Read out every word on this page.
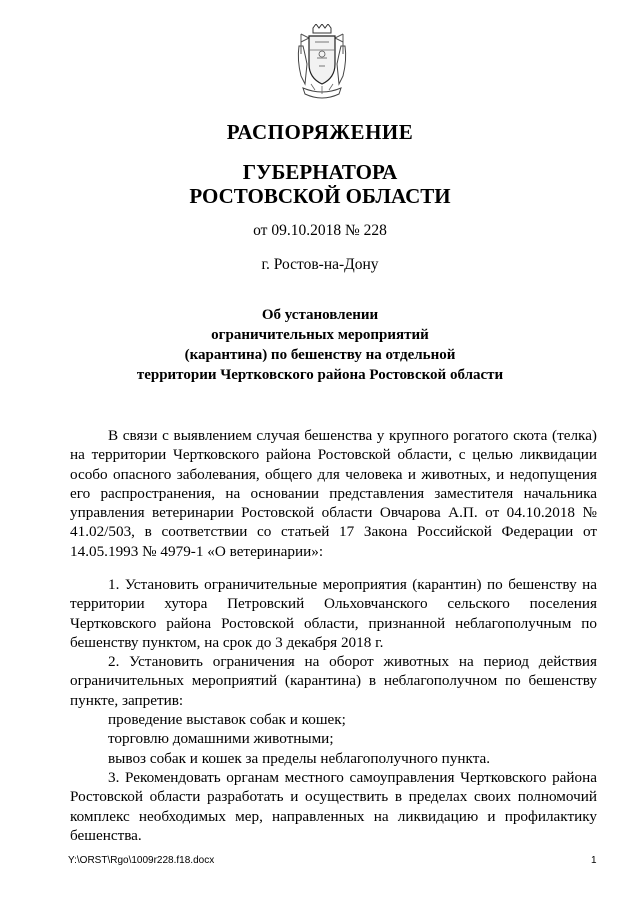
РАСПОРЯЖЕНИЕ
ГУБЕРНАТОРА
РОСТОВСКОЙ ОБЛАСТИ
от 09.10.2018 № 228
г. Ростов-на-Дону
Об установлении
ограничительных мероприятий
(карантина) по бешенству на отдельной
территории Чертковского района Ростовской области

В связи с выявлением случая бешенства у крупного рогатого скота (телка) на территории Чертковского района Ростовской области, с целью ликвидации особо опасного заболевания, общего для человека и животных, и недопущения его распространения, на основании представления заместителя начальника управления ветеринарии Ростовской области Овчарова А.П. от 04.10.2018 № 41.02/503, в соответствии со статьей 17 Закона Российской Федерации от 14.05.1993 № 4979-1 «О ветеринарии»:

1. Установить ограничительные мероприятия (карантин) по бешенству на территории хутора Петровский Ольховчанского сельского поселения Чертковского района Ростовской области, признанной неблагополучным по бешенству пунктом, на срок до 3 декабря 2018 г.

2. Установить ограничения на оборот животных на период действия ограничительных мероприятий (карантина) в неблагополучном по бешенству пункте, запретив:

проведение выставок собак и кошек;

торговлю домашними животными;

вывоз собак и кошек за пределы неблагополучного пункта.

3. Рекомендовать органам местного самоуправления Чертковского района Ростовской области разработать и осуществить в пределах своих полномочий комплекс необходимых мер, направленных на ликвидацию и профилактику бешенства.

Y:\ORST\Rgo\1009r228.f18.docx	1
